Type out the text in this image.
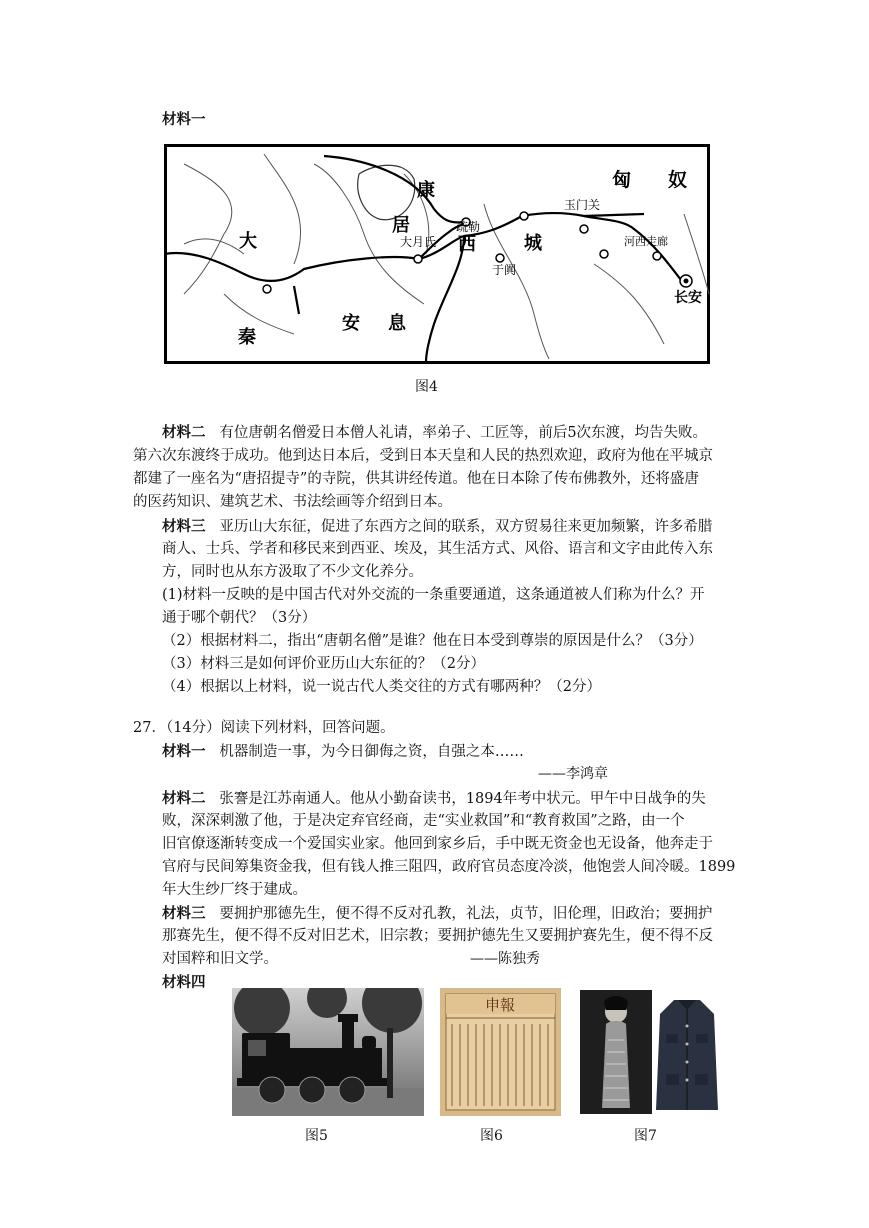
材料一
匈 奴
康
居
大
秦
安 息
大月氏 西	城
疏勒
玉门关
河西走廊
于阗
长安
图4
材料二 有位唐朝名僧爱日本僧人礼请，率弟子、工匠等，前后5次东渡，均告失败。
第六次东渡终于成功。他到达日本后，受到日本天皇和人民的热烈欢迎，政府为他在平城京
都建了一座名为“唐招提寺”的寺院，供其讲经传道。他在日本除了传布佛教外，还将盛唐
的医药知识、建筑艺术、书法绘画等介绍到日本。
材料三 亚历山大东征，促进了东西方之间的联系，双方贸易往来更加频繁，许多希腊
商人、士兵、学者和移民来到西亚、埃及，其生活方式、风俗、语言和文字由此传入东
方，同时也从东方汲取了不少文化养分。
(1)材料一反映的是中国古代对外交流的一条重要通道，这条通道被人们称为什么？开
通于哪个朝代？（3分）
（2）根据材料二，指出“唐朝名僧”是谁？他在日本受到尊崇的原因是什么？（3分）
（3）材料三是如何评价亚历山大东征的？（2分）
（4）根据以上材料，说一说古代人类交往的方式有哪两种？（2分）
27．（14分）阅读下列材料，回答问题。
材料一 机器制造一事，为今日御侮之资，自强之本……
——李鸿章
材料二 张謇是江苏南通人。他从小勤奋读书，1894年考中状元。甲午中日战争的失
败，深深刺激了他，于是决定弃官经商，走“实业救国”和“教育救国”之路，由一个
旧官僚逐渐转变成一个爱国实业家。他回到家乡后，手中既无资金也无设备，他奔走于
官府与民间筹集资金我，但有钱人推三阻四，政府官员态度冷淡，他饱尝人间冷暖。1899
年大生纱厂终于建成。
材料三 要拥护那德先生，便不得不反对孔教，礼法，贞节，旧伦理，旧政治；要拥护
那赛先生，便不得不反对旧艺术，旧宗教；要拥护德先生又要拥护赛先生，便不得不反
对国粹和旧文学。	——陈独秀
材料四
申報
图5	图6	图7
